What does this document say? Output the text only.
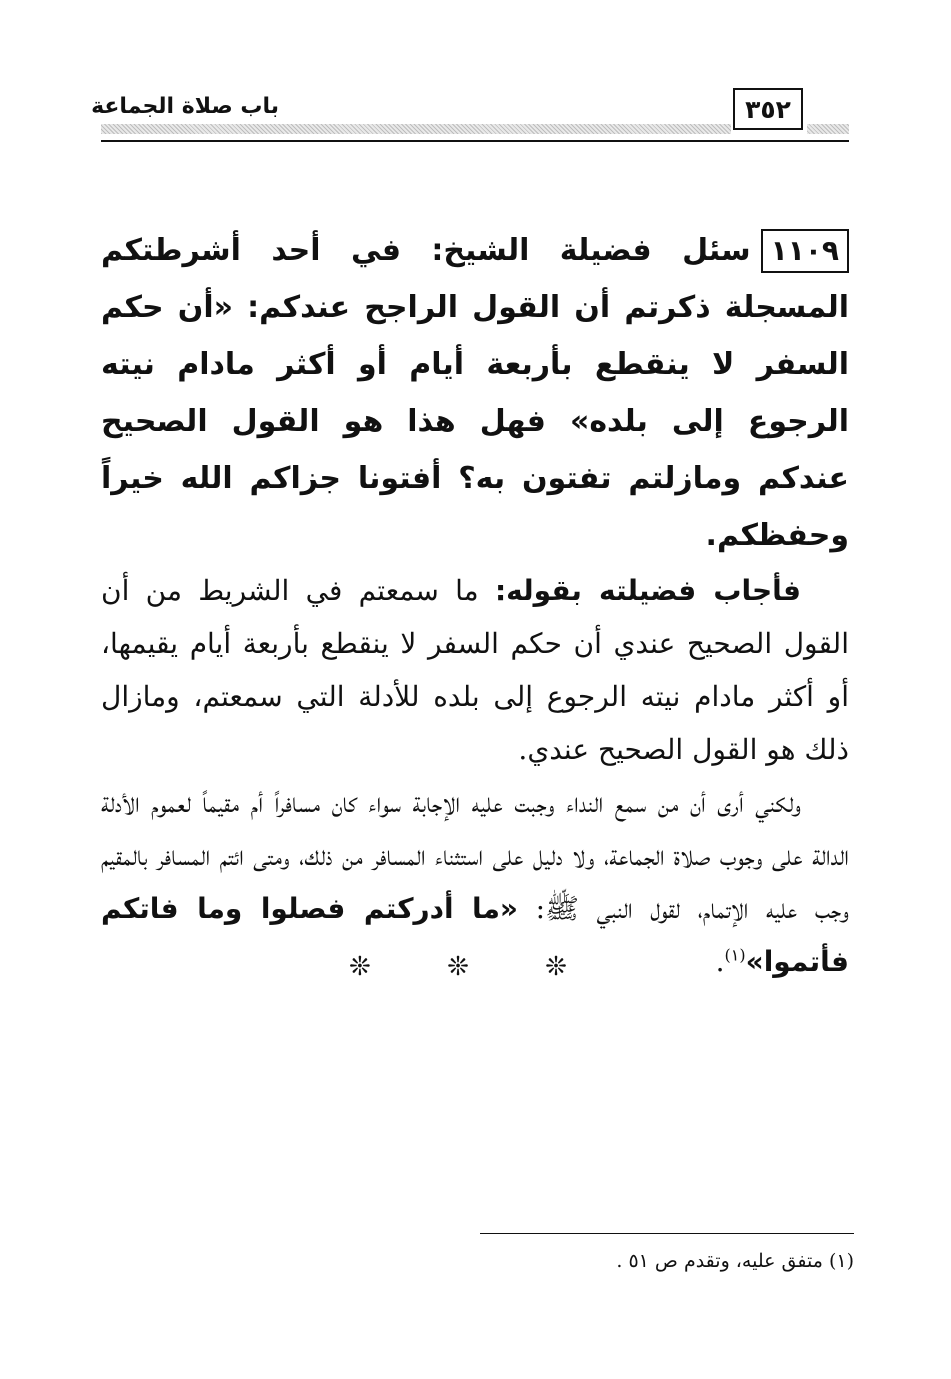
٣٥٢
باب صلاة الجماعة

١١٠٩سئل فضيلة الشيخ: في أحد أشرطتكم المسجلة ذكرتم أن القول الراجح عندكم: «أن حكم السفر لا ينقطع بأربعة أيام أو أكثر مادام نيته الرجوع إلى بلده» فهل هذا هو القول الصحيح عندكم ومازلتم تفتون به؟ أفتونا جزاكم الله خيراً وحفظكم.

فأجاب فضيلته بقوله: ما سمعتم في الشريط من أن القول الصحيح عندي أن حكم السفر لا ينقطع بأربعة أيام يقيمها، أو أكثر مادام نيته الرجوع إلى بلده للأدلة التي سمعتم، ومازال ذلك هو القول الصحيح عندي.

ولكني أرى أن من سمع النداء وجبت عليه الإجابة سواء كان مسافراً أم مقيماً لعموم الأدلة الدالة على وجوب صلاة الجماعة، ولا دليل على استثناء المسافر من ذلك، ومتى ائتم المسافر بالمقيم وجب عليه الإتمام، لقول النبي ﷺ: «ما أدركتم فصلوا وما فاتكم فأتموا»$^{(١)}$.

❊ ❊ ❊
(١) متفق عليه، وتقدم ص ٥١ .
